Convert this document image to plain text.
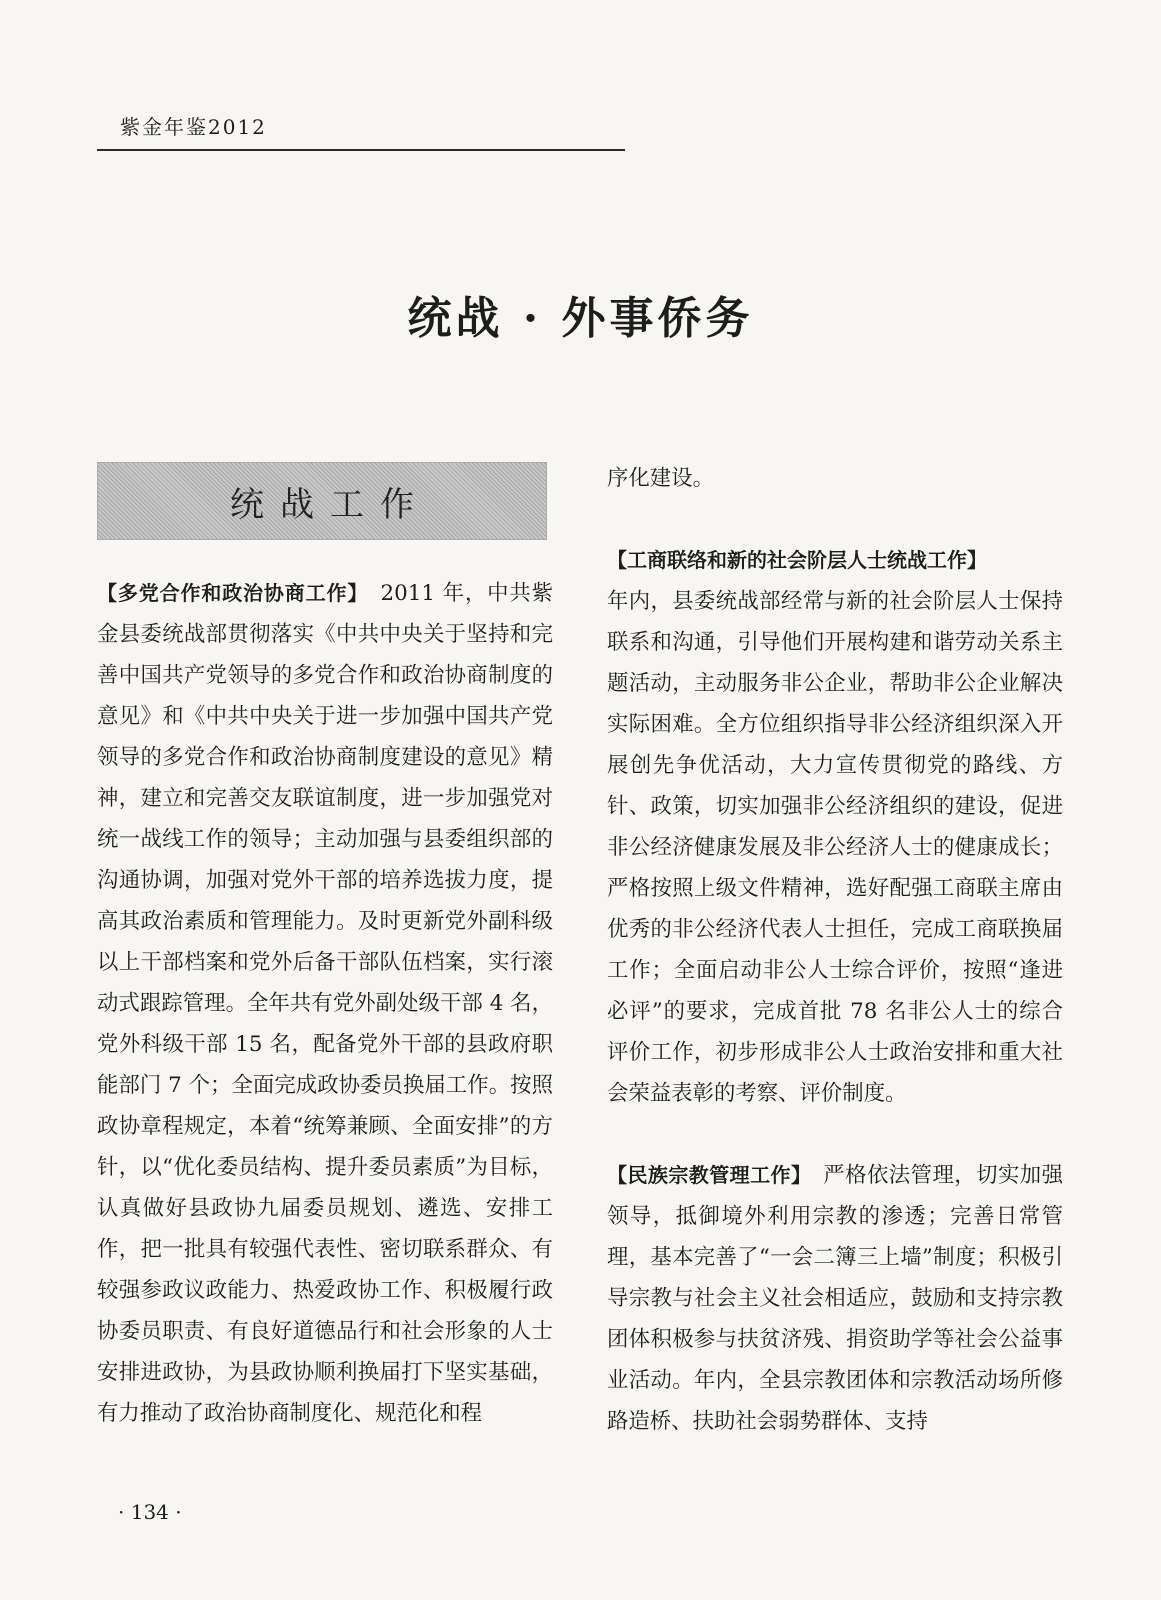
紫金年鉴2012
统战 · 外事侨务
统战工作

【多党合作和政治协商工作】　2011 年，中共紫金县委统战部贯彻落实《中共中央关于坚持和完善中国共产党领导的多党合作和政治协商制度的意见》和《中共中央关于进一步加强中国共产党领导的多党合作和政治协商制度建设的意见》精神，建立和完善交友联谊制度，进一步加强党对统一战线工作的领导；主动加强与县委组织部的沟通协调，加强对党外干部的培养选拔力度，提高其政治素质和管理能力。及时更新党外副科级以上干部档案和党外后备干部队伍档案，实行滚动式跟踪管理。全年共有党外副处级干部 4 名，党外科级干部 15 名，配备党外干部的县政府职能部门 7 个；全面完成政协委员换届工作。按照政协章程规定，本着“统筹兼顾、全面安排”的方针，以“优化委员结构、提升委员素质”为目标，认真做好县政协九届委员规划、遴选、安排工作，把一批具有较强代表性、密切联系群众、有较强参政议政能力、热爱政协工作、积极履行政协委员职责、有良好道德品行和社会形象的人士安排进政协，为县政协顺利换届打下坚实基础，有力推动了政治协商制度化、规范化和程

序化建设。

【工商联络和新的社会阶层人士统战工作】
年内，县委统战部经常与新的社会阶层人士保持联系和沟通，引导他们开展构建和谐劳动关系主题活动，主动服务非公企业，帮助非公企业解决实际困难。全方位组织指导非公经济组织深入开展创先争优活动，大力宣传贯彻党的路线、方针、政策，切实加强非公经济组织的建设，促进非公经济健康发展及非公经济人士的健康成长；严格按照上级文件精神，选好配强工商联主席由优秀的非公经济代表人士担任，完成工商联换届工作；全面启动非公人士综合评价，按照“逢进必评”的要求，完成首批 78 名非公人士的综合评价工作，初步形成非公人士政治安排和重大社会荣益表彰的考察、评价制度。

【民族宗教管理工作】　严格依法管理，切实加强领导，抵御境外利用宗教的渗透；完善日常管理，基本完善了“一会二簿三上墙”制度；积极引导宗教与社会主义社会相适应，鼓励和支持宗教团体积极参与扶贫济残、捐资助学等社会公益事业活动。年内，全县宗教团体和宗教活动场所修路造桥、扶助社会弱势群体、支持

· 134 ·
